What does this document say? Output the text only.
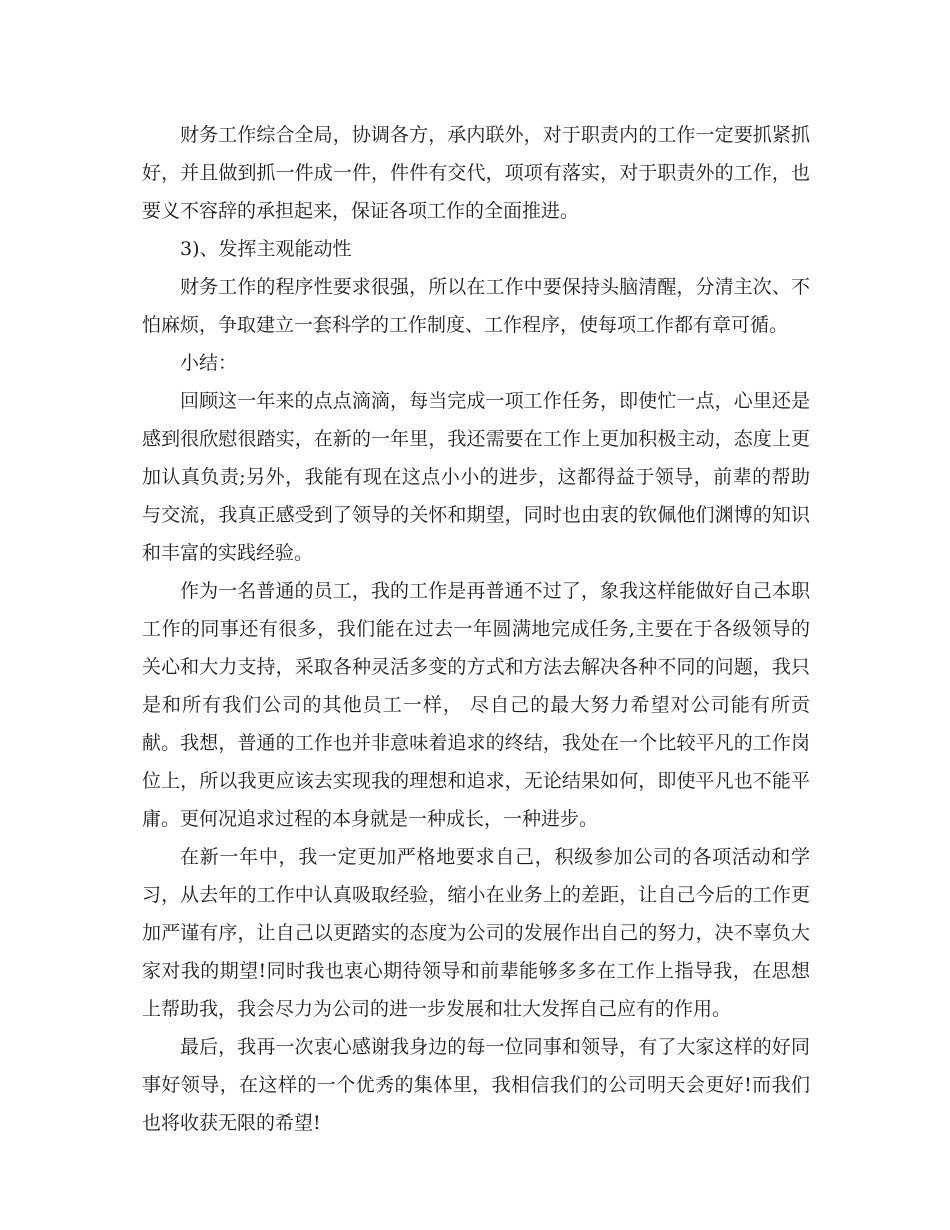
财务工作综合全局，协调各方，承内联外，对于职责内的工作一定要抓紧抓好，并且做到抓一件成一件，件件有交代，项项有落实，对于职责外的工作，也要义不容辞的承担起来，保证各项工作的全面推进。

3)、发挥主观能动性

财务工作的程序性要求很强，所以在工作中要保持头脑清醒，分清主次、不怕麻烦，争取建立一套科学的工作制度、工作程序，使每项工作都有章可循。

小结：

回顾这一年来的点点滴滴，每当完成一项工作任务，即使忙一点，心里还是感到很欣慰很踏实，在新的一年里，我还需要在工作上更加积极主动，态度上更加认真负责;另外，我能有现在这点小小的进步，这都得益于领导，前辈的帮助与交流，我真正感受到了领导的关怀和期望，同时也由衷的钦佩他们渊博的知识和丰富的实践经验。

作为一名普通的员工，我的工作是再普通不过了，象我这样能做好自己本职工作的同事还有很多，我们能在过去一年圆满地完成任务,主要在于各级领导的关心和大力支持，采取各种灵活多变的方式和方法去解决各种不同的问题，我只是和所有我们公司的其他员工一样， 尽自己的最大努力希望对公司能有所贡献。我想，普通的工作也并非意味着追求的终结，我处在一个比较平凡的工作岗位上，所以我更应该去实现我的理想和追求，无论结果如何，即使平凡也不能平庸。更何况追求过程的本身就是一种成长，一种进步。

在新一年中，我一定更加严格地要求自己，积级参加公司的各项活动和学习，从去年的工作中认真吸取经验，缩小在业务上的差距，让自己今后的工作更加严谨有序，让自己以更踏实的态度为公司的发展作出自己的努力，决不辜负大家对我的期望!同时我也衷心期待领导和前辈能够多多在工作上指导我，在思想上帮助我，我会尽力为公司的进一步发展和壮大发挥自己应有的作用。

最后，我再一次衷心感谢我身边的每一位同事和领导，有了大家这样的好同事好领导，在这样的一个优秀的集体里，我相信我们的公司明天会更好!而我们也将收获无限的希望!
